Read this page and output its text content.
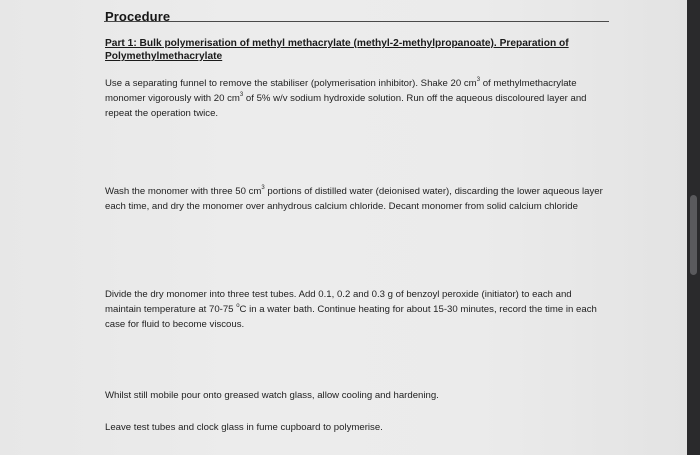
Procedure
Part 1: Bulk polymerisation of methyl methacrylate (methyl-2-methylpropanoate). Preparation of Polymethylmethacrylate
Use a separating funnel to remove the stabiliser (polymerisation inhibitor). Shake 20 $cm^3$ of methylmethacrylate monomer vigorously with 20 $cm^3$ of 5% w/v sodium hydroxide solution. Run off the aqueous discoloured layer and repeat the operation twice.
Wash the monomer with three 50 $cm^3$ portions of distilled water (deionised water), discarding the lower aqueous layer each time, and dry the monomer over anhydrous calcium chloride. Decant monomer from solid calcium chloride
Divide the dry monomer into three test tubes. Add 0.1, 0.2 and 0.3 g of benzoyl peroxide (initiator) to each and maintain temperature at 70-75 $^o$C in a water bath. Continue heating for about 15-30 minutes, record the time in each case for fluid to become viscous.
Whilst still mobile pour onto greased watch glass, allow cooling and hardening.
Leave test tubes and clock glass in fume cupboard to polymerise.
